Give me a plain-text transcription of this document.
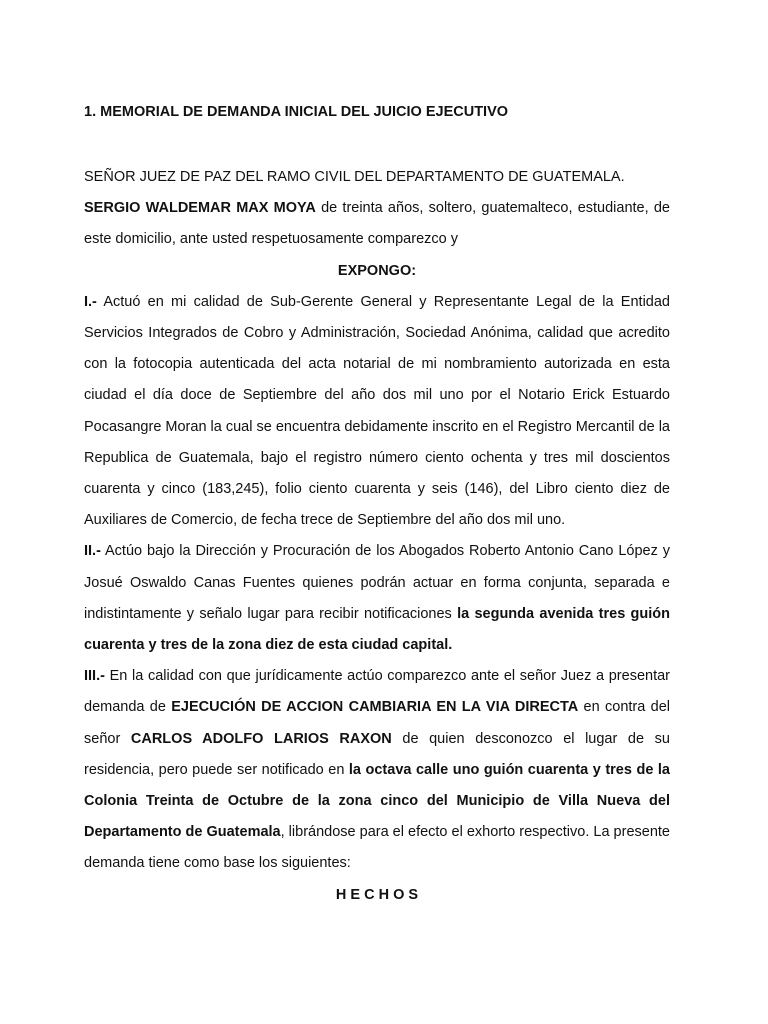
1. MEMORIAL DE DEMANDA INICIAL DEL JUICIO EJECUTIVO

SEÑOR JUEZ DE PAZ DEL RAMO CIVIL DEL DEPARTAMENTO DE GUATEMALA.

SERGIO WALDEMAR MAX MOYA de treinta años, soltero, guatemalteco, estudiante, de este domicilio, ante usted respetuosamente comparezco y

EXPONGO:

I.- Actuó en mi calidad de Sub-Gerente General y Representante Legal de la Entidad Servicios Integrados de Cobro y Administración, Sociedad Anónima, calidad que acredito con la fotocopia autenticada del acta notarial de mi nombramiento autorizada en esta ciudad el día doce de Septiembre del año dos mil uno por el Notario Erick Estuardo Pocasangre Moran la cual se encuentra debidamente inscrito en el Registro Mercantil de la Republica de Guatemala, bajo el registro número ciento ochenta y tres mil doscientos cuarenta y cinco (183,245), folio ciento cuarenta y seis (146), del Libro ciento diez de Auxiliares de Comercio, de fecha trece de Septiembre del año dos mil uno.

II.- Actúo bajo la Dirección y Procuración de los Abogados Roberto Antonio Cano López y Josué Oswaldo Canas Fuentes quienes podrán actuar en forma conjunta, separada e indistintamente y señalo lugar para recibir notificaciones la segunda avenida tres guión cuarenta y tres de la zona diez de esta ciudad capital.

III.- En la calidad con que jurídicamente actúo comparezco ante el señor Juez a presentar demanda de EJECUCIÓN DE ACCION CAMBIARIA EN LA VIA DIRECTA en contra del señor CARLOS ADOLFO LARIOS RAXON de quien desconozco el lugar de su residencia, pero puede ser notificado en la octava calle uno guión cuarenta y tres de la Colonia Treinta de Octubre de la zona cinco del Municipio de Villa Nueva del Departamento de Guatemala, librándose para el efecto el exhorto respectivo. La presente demanda tiene como base los siguientes:

H E C H O S
